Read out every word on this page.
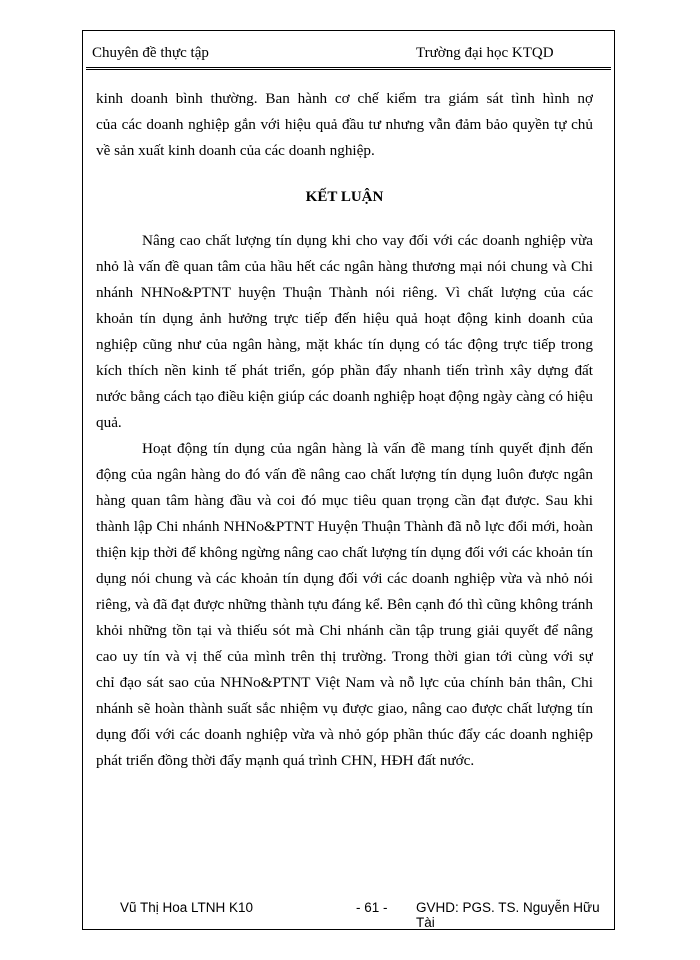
Chuyên đề thực tập	Trường đại học KTQD
kinh doanh bình thường. Ban hành cơ chế kiểm tra giám sát tình hình nợ
của các doanh nghiệp gắn với hiệu quả đầu tư nhưng vẫn đảm bảo quyền tự chủ
về sản xuất kinh doanh của các doanh nghiệp.
KẾT LUẬN
Nâng cao chất lượng tín dụng khi cho vay đối với các doanh nghiệp vừa
nhỏ là vấn đề quan tâm của hầu hết các ngân hàng thương mại nói chung và Chi
nhánh NHNo&PTNT huyện Thuận Thành nói riêng. Vì chất lượng của các
khoản tín dụng ảnh hưởng trực tiếp đến hiệu quả hoạt động kinh doanh của
nghiệp cũng như của ngân hàng, mặt khác tín dụng có tác động trực tiếp trong
kích thích nền kinh tế phát triển, góp phần đẩy nhanh tiến trình xây dựng đất
nước bằng cách tạo điều kiện giúp các doanh nghiệp hoạt động ngày càng có hiệu
quả.
Hoạt động tín dụng của ngân hàng là vấn đề mang tính quyết định đến
động của ngân hàng do đó vấn đề nâng cao chất lượng tín dụng luôn được ngân
hàng quan tâm hàng đầu và coi đó mục tiêu quan trọng cần đạt được. Sau khi
thành lập Chi nhánh NHNo&PTNT Huyện Thuận Thành đã nỗ lực đổi mới, hoàn
thiện kịp thời để không ngừng nâng cao chất lượng tín dụng đối với các khoản tín
dụng nói chung và các khoản tín dụng đối với các doanh nghiệp vừa và nhỏ nói
riêng, và đã đạt được những thành tựu đáng kể. Bên cạnh đó thì cũng không tránh
khỏi những tồn tại và thiếu sót mà Chi nhánh cần tập trung giải quyết để nâng
cao uy tín và vị thế của mình trên thị trường. Trong thời gian tới cùng với sự
chỉ đạo sát sao của NHNo&PTNT Việt Nam và nỗ lực của chính bản thân, Chi
nhánh sẽ hoàn thành suất sắc nhiệm vụ được giao, nâng cao được chất lượng tín
dụng đối với các doanh nghiệp vừa và nhỏ góp phần thúc đẩy các doanh nghiệp
phát triển đồng thời đẩy mạnh quá trình CHN, HĐH đất nước.
Vũ Thị Hoa LTNH K10	- 61 - GVHD: PGS. TS. Nguyễn Hữu Tài
